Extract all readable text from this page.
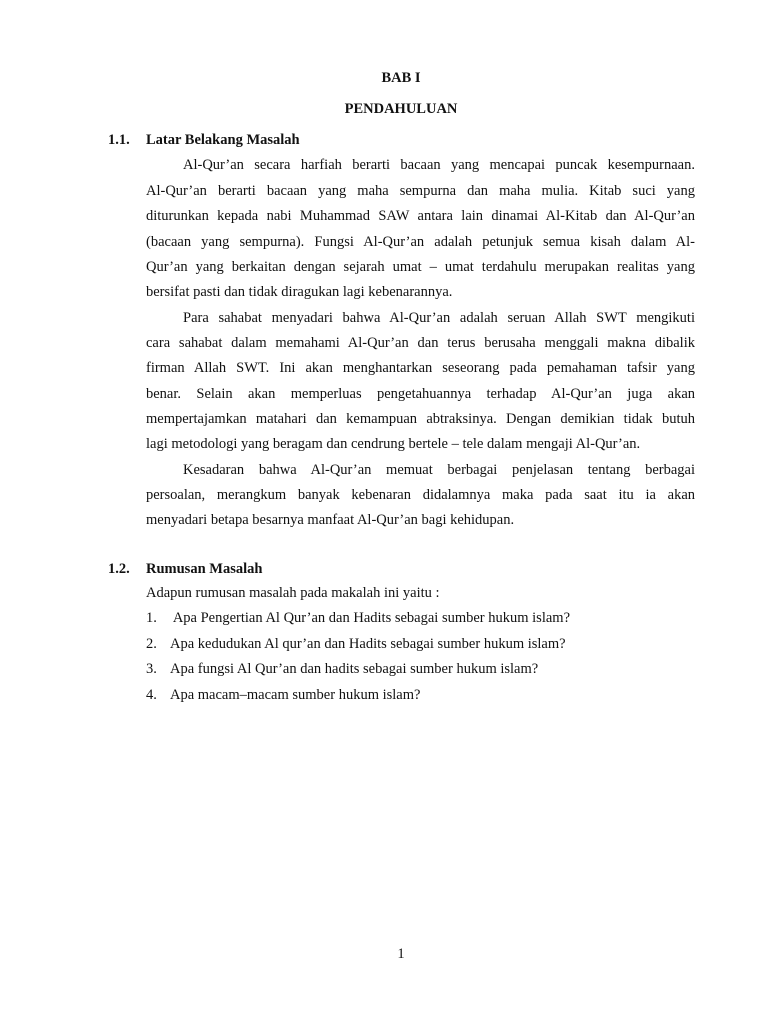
BAB I
PENDAHULUAN
1.1. Latar Belakang Masalah
Al-Qur’an secara harfiah berarti bacaan yang mencapai puncak kesempurnaan.
Al-Qur’an berarti bacaan yang maha sempurna dan maha mulia. Kitab suci yang
diturunkan kepada nabi Muhammad SAW antara lain dinamai Al-Kitab dan Al-Qur’an
(bacaan yang sempurna). Fungsi Al-Qur’an adalah petunjuk semua kisah dalam Al-
Qur’an yang berkaitan dengan sejarah umat – umat terdahulu merupakan realitas yang
bersifat pasti dan tidak diragukan lagi kebenarannya.
Para sahabat menyadari bahwa Al-Qur’an adalah seruan Allah SWT mengikuti
cara sahabat dalam memahami Al-Qur’an dan terus berusaha menggali makna dibalik
firman Allah SWT. Ini akan menghantarkan seseorang pada pemahaman tafsir yang
benar. Selain akan memperluas pengetahuannya terhadap Al-Qur’an juga akan
mempertajamkan matahari dan kemampuan abtraksinya. Dengan demikian tidak butuh
lagi metodologi yang beragam dan cendrung bertele – tele dalam mengaji Al-Qur’an.
Kesadaran bahwa Al-Qur’an memuat berbagai penjelasan tentang berbagai
persoalan, merangkum banyak kebenaran didalamnya maka pada saat itu ia akan
menyadari betapa besarnya manfaat Al-Qur’an bagi kehidupan.
1.2. Rumusan Masalah
Adapun rumusan masalah pada makalah ini yaitu :
1. Apa Pengertian Al Qur’an dan Hadits sebagai sumber hukum islam?
2. Apa kedudukan Al qur’an dan Hadits sebagai sumber hukum islam?
3. Apa fungsi Al Qur’an dan hadits sebagai sumber hukum islam?
4. Apa macam–macam sumber hukum islam?
1
